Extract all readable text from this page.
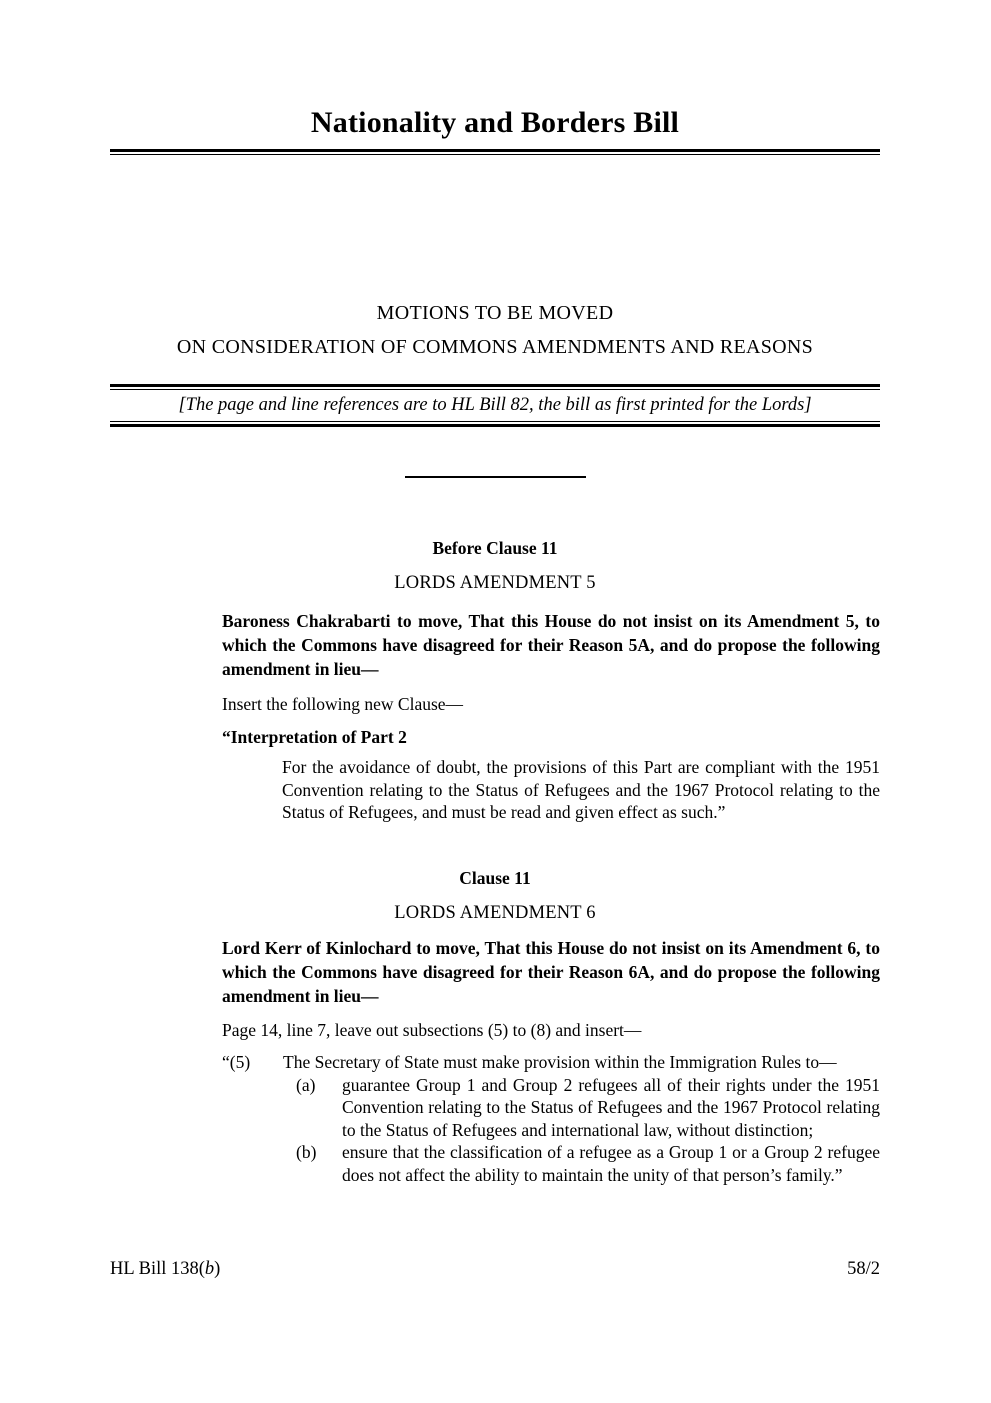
Nationality and Borders Bill
MOTIONS TO BE MOVED
ON CONSIDERATION OF COMMONS AMENDMENTS AND REASONS
[The page and line references are to HL Bill 82, the bill as first printed for the Lords]
Before Clause 11
LORDS AMENDMENT 5
Baroness Chakrabarti to move, That this House do not insist on its Amendment 5, to which the Commons have disagreed for their Reason 5A, and do propose the following amendment in lieu—
Insert the following new Clause—
“Interpretation of Part 2
For the avoidance of doubt, the provisions of this Part are compliant with the 1951 Convention relating to the Status of Refugees and the 1967 Protocol relating to the Status of Refugees, and must be read and given effect as such.”
Clause 11
LORDS AMENDMENT 6
Lord Kerr of Kinlochard to move, That this House do not insist on its Amendment 6, to which the Commons have disagreed for their Reason 6A, and do propose the following amendment in lieu—
Page 14, line 7, leave out subsections (5) to (8) and insert—
“(5)	The Secretary of State must make provision within the Immigration Rules to—
(a)	guarantee Group 1 and Group 2 refugees all of their rights under the 1951 Convention relating to the Status of Refugees and the 1967 Protocol relating to the Status of Refugees and international law, without distinction;
(b)	ensure that the classification of a refugee as a Group 1 or a Group 2 refugee does not affect the ability to maintain the unity of that person’s family.”
HL Bill 138(b)	58/2
